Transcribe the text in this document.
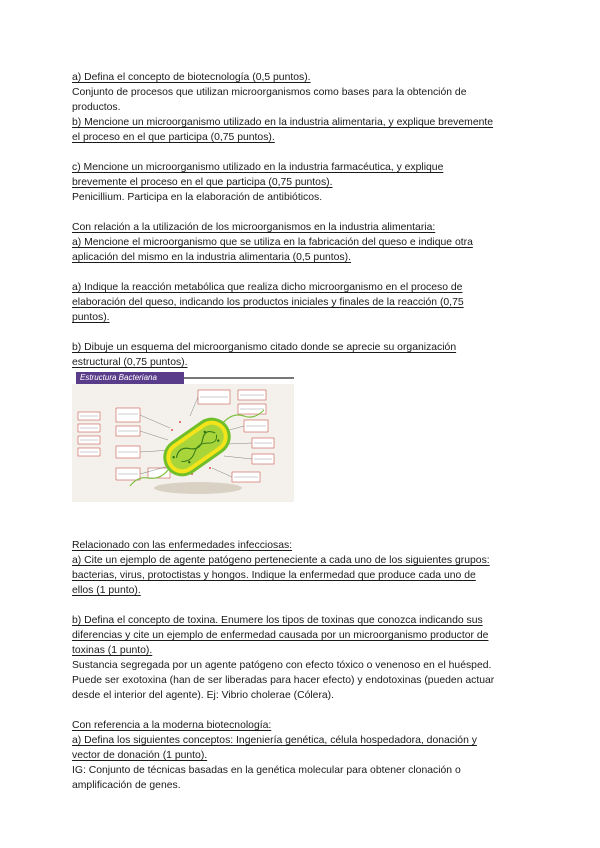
a) Defina el concepto de biotecnología (0,5 puntos).
Conjunto de procesos que utilizan microorganismos como bases para la obtención de
productos.
b) Mencione un microorganismo utilizado en la industria alimentaria, y explique brevemente
el proceso en el que participa (0,75 puntos).
c) Mencione un microorganismo utilizado en la industria farmacéutica, y explique
brevemente el proceso en el que participa (0,75 puntos).
Penicillium. Participa en la elaboración de antibióticos.
Con relación a la utilización de los microorganismos en la industria alimentaria:
a) Mencione el microorganismo que se utiliza en la fabricación del queso e indique otra
aplicación del mismo en la industria alimentaria (0,5 puntos).
a) Indique la reacción metabólica que realiza dicho microorganismo en el proceso de
elaboración del queso, indicando los productos iniciales y finales de la reacción (0,75
puntos).
b) Dibuje un esquema del microorganismo citado donde se aprecie su organización
estructural (0,75 puntos).
Estructura Bacteriana
Relacionado con las enfermedades infecciosas:
a) Cite un ejemplo de agente patógeno perteneciente a cada uno de los siguientes grupos:
bacterias, virus, protoctistas y hongos. Indique la enfermedad que produce cada uno de
ellos (1 punto).
b) Defina el concepto de toxina. Enumere los tipos de toxinas que conozca indicando sus
diferencias y cite un ejemplo de enfermedad causada por un microorganismo productor de
toxinas (1 punto).
Sustancia segregada por un agente patógeno con efecto tóxico o venenoso en el huésped.
Puede ser exotoxina (han de ser liberadas para hacer efecto) y endotoxinas (pueden actuar
desde el interior del agente). Ej: Vibrio cholerae (Cólera).
Con referencia a la moderna biotecnología:
a) Defina los siguientes conceptos: Ingeniería genética, célula hospedadora, donación y
vector de donación (1 punto).
IG: Conjunto de técnicas basadas en la genética molecular para obtener clonación o
amplificación de genes.
